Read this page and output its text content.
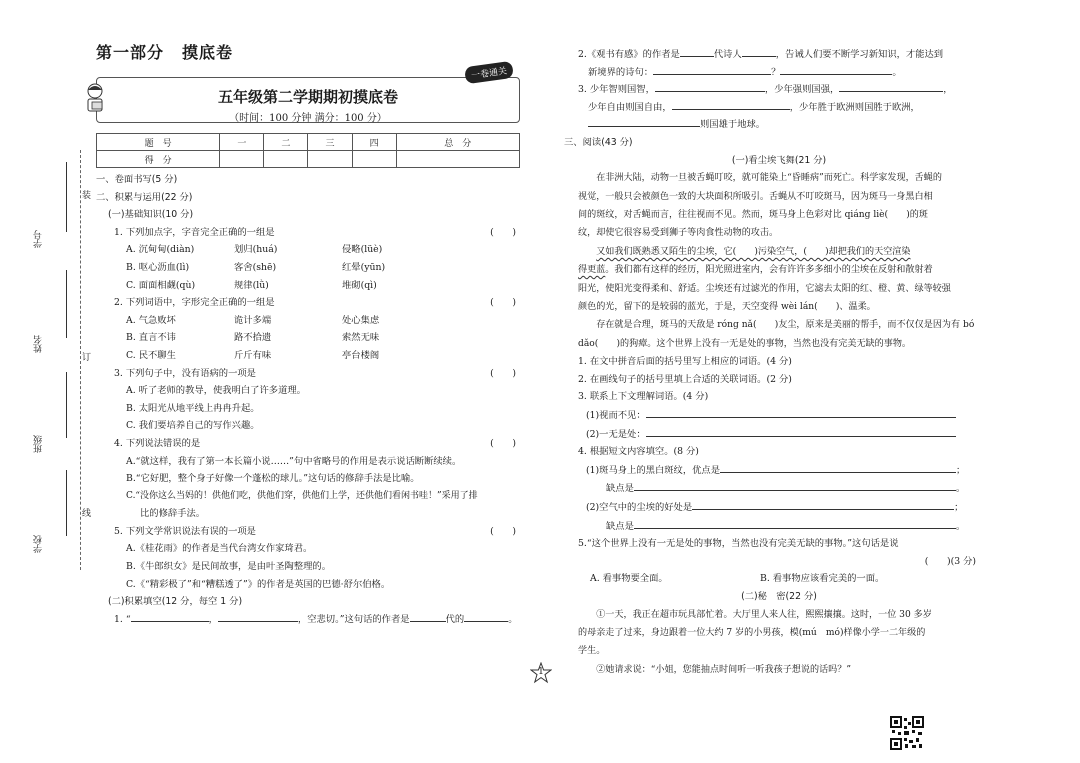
学号
姓名
班级
学校
装
订
线
第一部分 摸底卷
一卷通关
五年级第二学期期初摸底卷
（时间：100 分钟 满分：100 分）
题　号	一	二	三	四	总　分
得　分					
一、卷面书写(5 分)
二、积累与运用(22 分)
(一)基础知识(10 分)
1. 下列加点字，字音完全正确的一组是	(　　)
A. 沉甸甸(diàn)	划归(huá)	侵略(lüè)
B. 呕心沥血(lì)	客舍(shē)	红晕(yūn)
C. 面面相觑(qù)	规律(lǜ)	堆砌(qì)
2. 下列词语中，字形完全正确的一组是	(　　)
A. 气急败坏	诡计多端	处心集虑
B. 直言不讳	路不拾遗	索然无味
C. 民不聊生	斤斤有味	亭台楼阁
3. 下列句子中，没有语病的一项是	(　　)
A. 听了老师的教导，使我明白了许多道理。
B. 太阳光从地平线上冉冉升起。
C. 我们要培养自己的写作兴趣。
4. 下列说法错误的是	(　　)
A.“就这样，我有了第一本长篇小说……”句中省略号的作用是表示说话断断续续。
B.“它好肥，整个身子好像一个蓬松的球儿。”这句话的修辞手法是比喻。
C.“没你这么当妈的！供他们吃，供他们穿，供他们上学，还供他们看闲书哇！”采用了排
比的修辞手法。
5. 下列文学常识说法有误的一项是	(　　)
A.《桂花雨》的作者是当代台湾女作家琦君。
B.《牛郎织女》是民间故事，是由叶圣陶整理的。
C.《“精彩极了”和“糟糕透了”》的作者是英国的巴德·舒尔伯格。
(二)积累填空(12 分，每空 1 分)
1. “	，	，空悲切。”这句话的作者是	代的	。
2.《观书有感》的作者是	代诗人	，告诫人们要不断学习新知识，才能达到
新境界的诗句：	？	。
3. 少年智则国智，	，少年强则国强，	，
少年自由则国自由，	，少年胜于欧洲则国胜于欧洲，
则国雄于地球。
三、阅读(43 分)
(一)看尘埃飞舞(21 分)
在非洲大陆，动物一旦被舌蝇叮咬，就可能染上“昏睡病”而死亡。科学家发现，舌蝇的
视觉，一般只会被颜色一致的大块面积所吸引。舌蝇从不叮咬斑马，因为斑马一身黑白相
间的斑纹，对舌蝇而言，往往视而不见。然而，斑马身上色彩对比 qiáng liè(　　)的斑
纹，却使它很容易受到狮子等肉食性动物的攻击。
又如我们既熟悉又陌生的尘埃，它(　　)污染空气，(　　)却把我们的天空渲染
得更蓝。我们都有这样的经历，阳光照进室内，会有许许多多细小的尘埃在反射和散射着
阳光，使阳光变得柔和、舒适。尘埃还有过滤光的作用，它滤去太阳的红、橙、黄、绿等较强
颜色的光，留下的是较弱的蓝光，于是，天空变得 wèi lán(　　)、温柔。
存在就是合理，斑马的天敌是 róng nǎ(　　)友尘，原来是美丽的帮手，而不仅仅是因为有 bó
dǎo(　　)的狗瘴。这个世界上没有一无是处的事物，当然也没有完美无缺的事物。
1. 在文中拼音后面的括号里写上相应的词语。(4 分)
2. 在画线句子的括号里填上合适的关联词语。(2 分)
3. 联系上下文理解词语。(4 分)
(1)视而不见：
(2)一无是处：
4. 根据短文内容填空。(8 分)
(1)斑马身上的黑白斑纹，优点是	；
缺点是	。
(2)空气中的尘埃的好处是	；
缺点是	。
5.“这个世界上没有一无是处的事物，当然也没有完美无缺的事物。”这句话是说
(　　)(3 分)
A. 看事物要全面。	B. 看事物应该看完美的一面。
(二)秘　密(22 分)
①一天，我正在超市玩具部忙着。大厅里人来人往，熙熙攘攘。这时，一位 30 多岁
的母亲走了过来，身边跟着一位大约 7 岁的小男孩，模(mú　mó)样像小学一二年级的
学生。
②她请求说：“小姐，您能抽点时间听一听我孩子想说的话吗？”
1
